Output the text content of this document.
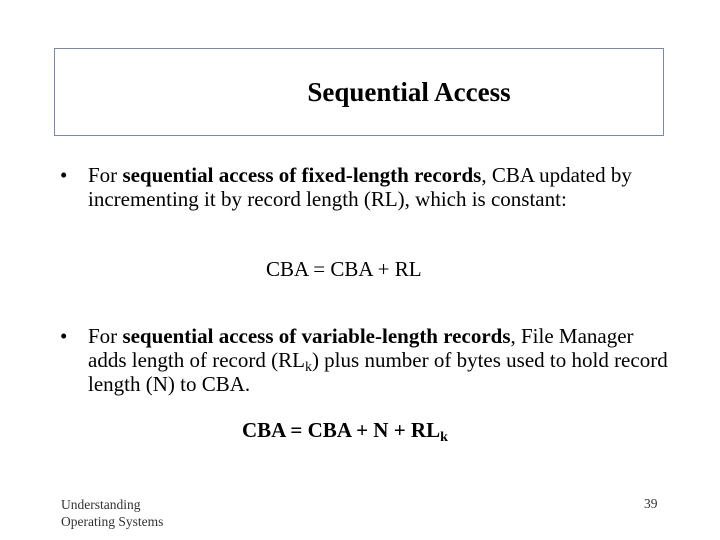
Sequential Access
• For sequential access of fixed-length records, CBA updated by incrementing it by record length (RL), which is constant:
CBA = CBA + RL
• For sequential access of variable-length records, File Manager adds length of record (RLk) plus number of bytes used to hold record length (N) to CBA.
CBA = CBA + $N + RL_k$
Understanding
Operating Systems
39
